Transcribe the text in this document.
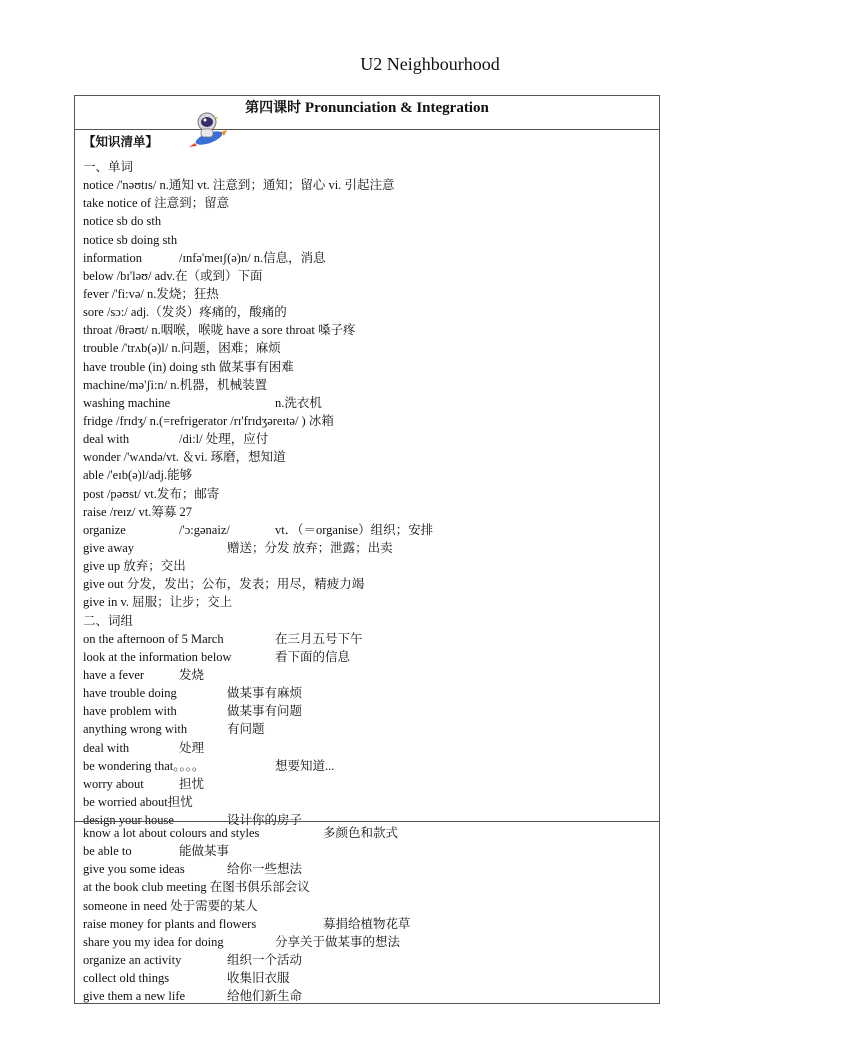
U2 Neighbourhood
第四课时 Pronunciation & Integration
【知识清单】
一、单词
notice /'nəʊtɪs/ n.通知 vt. 注意到；通知；留心 vi. 引起注意
take notice of 注意到；留意
notice sb do sth
notice sb doing sth
information	/ɪnfə'meɪʃ(ə)n/ n.信息，消息
below /bɪ'ləʊ/ adv.在（或到）下面
fever /'fi:və/ n.发烧；狂热
sore /sɔ:/ adj.（发炎）疼痛的，酸痛的
throat /θrəʊt/ n.咽喉，喉咙 have a sore throat 嗓子疼
trouble /'trʌb(ə)l/ n.问题，困难；麻烦
have trouble (in) doing sth 做某事有困难
machine/mə'ʃi:n/ n.机器，机械装置
washing machine	n.洗衣机
fridge /frɪdʒ/ n.(=refrigerator /rɪ'frɪdʒəreɪtə/ ) 冰箱
deal with	/di:l/ 处理，应付
wonder /'wʌndə/vt. ＆vi. 琢磨，想知道
able /'eɪb(ə)l/adj.能够
post /pəʊst/ vt.发布；邮寄
raise /reɪz/ vt.筹募 27
organize	/'ɔ:gənaiz/	vt．（＝organise）组织；安排
give away	赠送；分发 放弃；泄露；出卖
give up 放弃；交出
give out 分发，发出；公布，发表；用尽，精疲力竭
give in v. 屈服；让步；交上
二、词组
on the afternoon of 5 March	在三月五号下午
look at the information below	看下面的信息
have a fever	发烧
have trouble doing	做某事有麻烦
have problem with	做某事有问题
anything wrong with	有问题
deal with	处理
be wondering that。。。。	想要知道...
worry about	担忧
be worried about担忧
design your house	设计你的房子
know a lot about colours and styles	多颜色和款式
be able to	能做某事
give you some ideas	给你一些想法
at the book club meeting 在图书俱乐部会议
someone in need 处于需要的某人
raise money for plants and flowers	募捐给植物花草
share you my idea for doing	分享关于做某事的想法
organize an activity	组织一个活动
collect old things	收集旧衣服
give them a new life	给他们新生命
